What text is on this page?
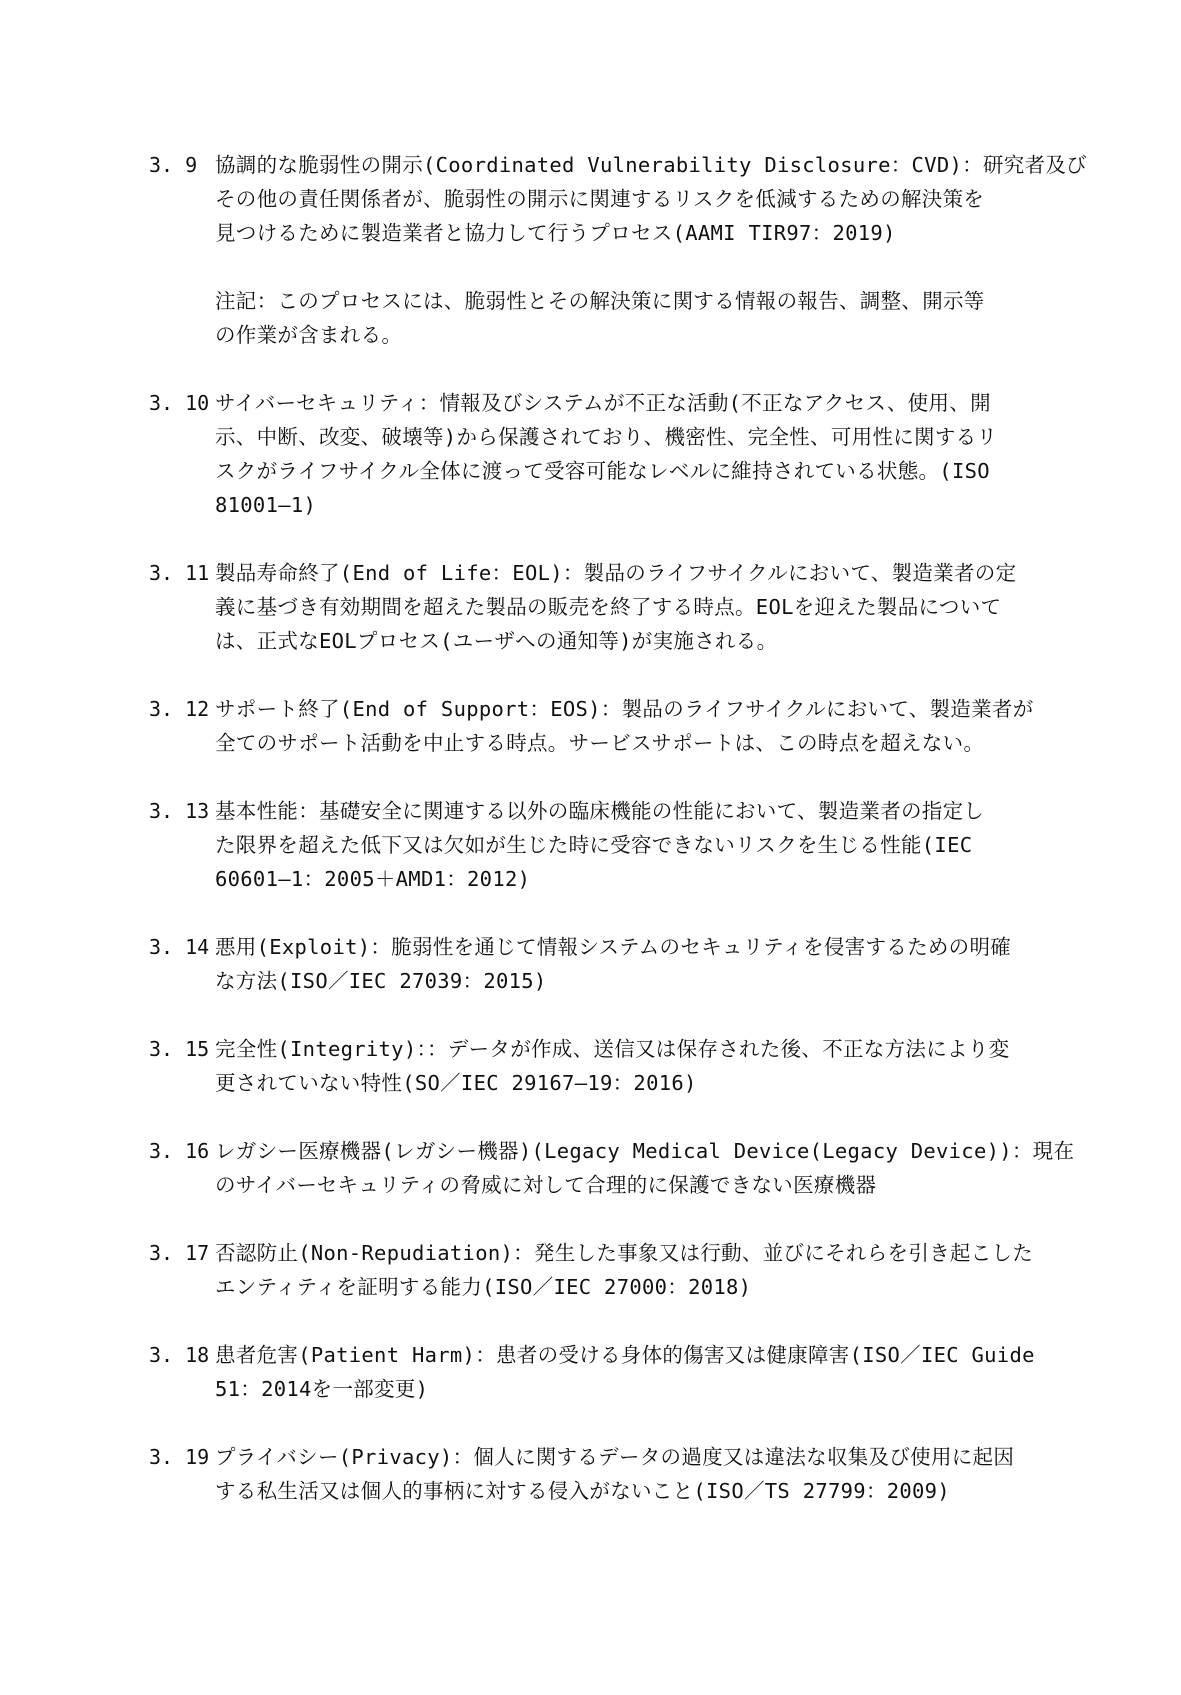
3. 9 協調的な脆弱性の開示(Coordinated Vulnerability Disclosure：CVD)：研究者及び
その他の責任関係者が、脆弱性の開示に関連するリスクを低減するための解決策を
見つけるために製造業者と協力して行うプロセス(AAMI TIR97：2019)
注記：このプロセスには、脆弱性とその解決策に関する情報の報告、調整、開示等
の作業が含まれる。
3. 10 サイバーセキュリティ：情報及びシステムが不正な活動(不正なアクセス、使用、開
示、中断、改変、破壊等)から保護されており、機密性、完全性、可用性に関するリ
スクがライフサイクル全体に渡って受容可能なレベルに維持されている状態。(ISO
81001—1)
3. 11 製品寿命終了(End of Life：EOL)：製品のライフサイクルにおいて、製造業者の定
義に基づき有効期間を超えた製品の販売を終了する時点。EOLを迎えた製品について
は、正式なEOLプロセス(ユーザへの通知等)が実施される。
3. 12 サポート終了(End of Support：EOS)：製品のライフサイクルにおいて、製造業者が
全てのサポート活動を中止する時点。サービスサポートは、この時点を超えない。
3. 13 基本性能：基礎安全に関連する以外の臨床機能の性能において、製造業者の指定し
た限界を超えた低下又は欠如が生じた時に受容できないリスクを生じる性能(IEC
60601—1：2005＋AMD1：2012)
3. 14 悪用(Exploit)：脆弱性を通じて情報システムのセキュリティを侵害するための明確
な方法(ISO／IEC 27039：2015)
3. 15 完全性(Integrity)：：データが作成、送信又は保存された後、不正な方法により変
更されていない特性(SO／IEC 29167—19：2016)
3. 16 レガシー医療機器(レガシー機器)(Legacy Medical Device(Legacy Device))：現在
のサイバーセキュリティの脅威に対して合理的に保護できない医療機器
3. 17 否認防止(Non-Repudiation)：発生した事象又は行動、並びにそれらを引き起こした
エンティティを証明する能力(ISO／IEC 27000：2018)
3. 18 患者危害(Patient Harm)：患者の受ける身体的傷害又は健康障害(ISO／IEC Guide
51：2014を一部変更)
3. 19 プライバシー(Privacy)：個人に関するデータの過度又は違法な収集及び使用に起因
する私生活又は個人的事柄に対する侵入がないこと(ISO／TS 27799：2009)
